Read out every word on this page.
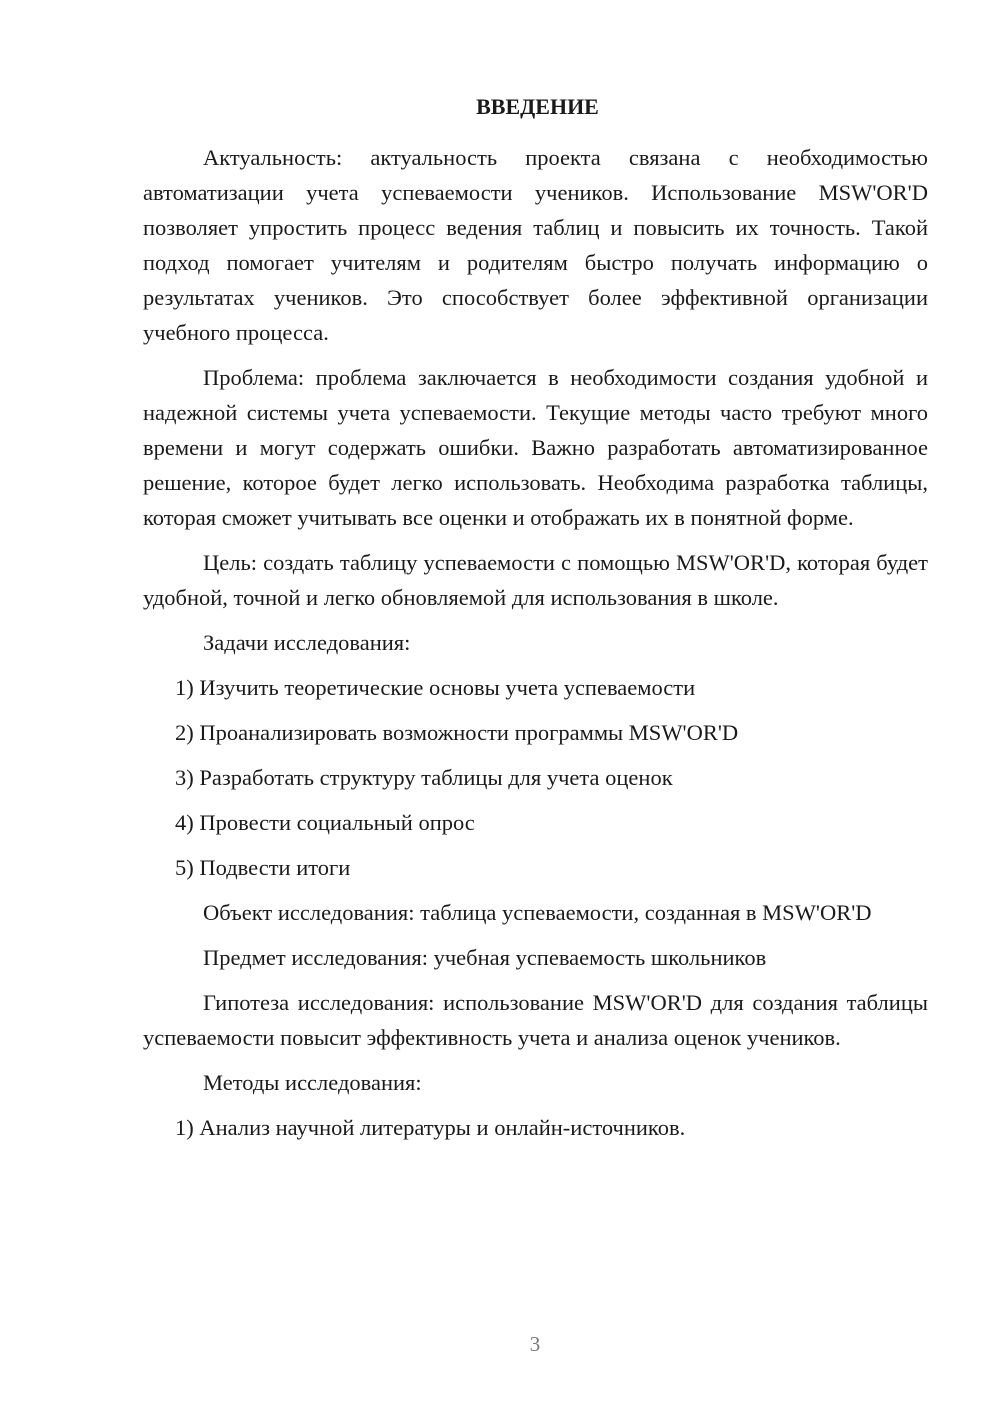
ВВЕДЕНИЕ

Актуальность: актуальность проекта связана с необходимостью автоматизации учета успеваемости учеников. Использование MSW'OR'D позволяет упростить процесс ведения таблиц и повысить их точность. Такой подход помогает учителям и родителям быстро получать информацию о результатах учеников. Это способствует более эффективной организации учебного процесса.

Проблема: проблема заключается в необходимости создания удобной и надежной системы учета успеваемости. Текущие методы часто требуют много времени и могут содержать ошибки. Важно разработать автоматизированное решение, которое будет легко использовать. Необходима разработка таблицы, которая сможет учитывать все оценки и отображать их в понятной форме.

Цель: создать таблицу успеваемости с помощью MSW'OR'D, которая будет удобной, точной и легко обновляемой для использования в школе.

Задачи исследования:

1) Изучить теоретические основы учета успеваемости
2) Проанализировать возможности программы MSW'OR'D
3) Разработать структуру таблицы для учета оценок
4) Провести социальный опрос
5) Подвести итоги

Объект исследования: таблица успеваемости, созданная в MSW'OR'D

Предмет исследования: учебная успеваемость школьников

Гипотеза исследования: использование MSW'OR'D для создания таблицы успеваемости повысит эффективность учета и анализа оценок учеников.

Методы исследования:

1) Анализ научной литературы и онлайн-источников.
3
